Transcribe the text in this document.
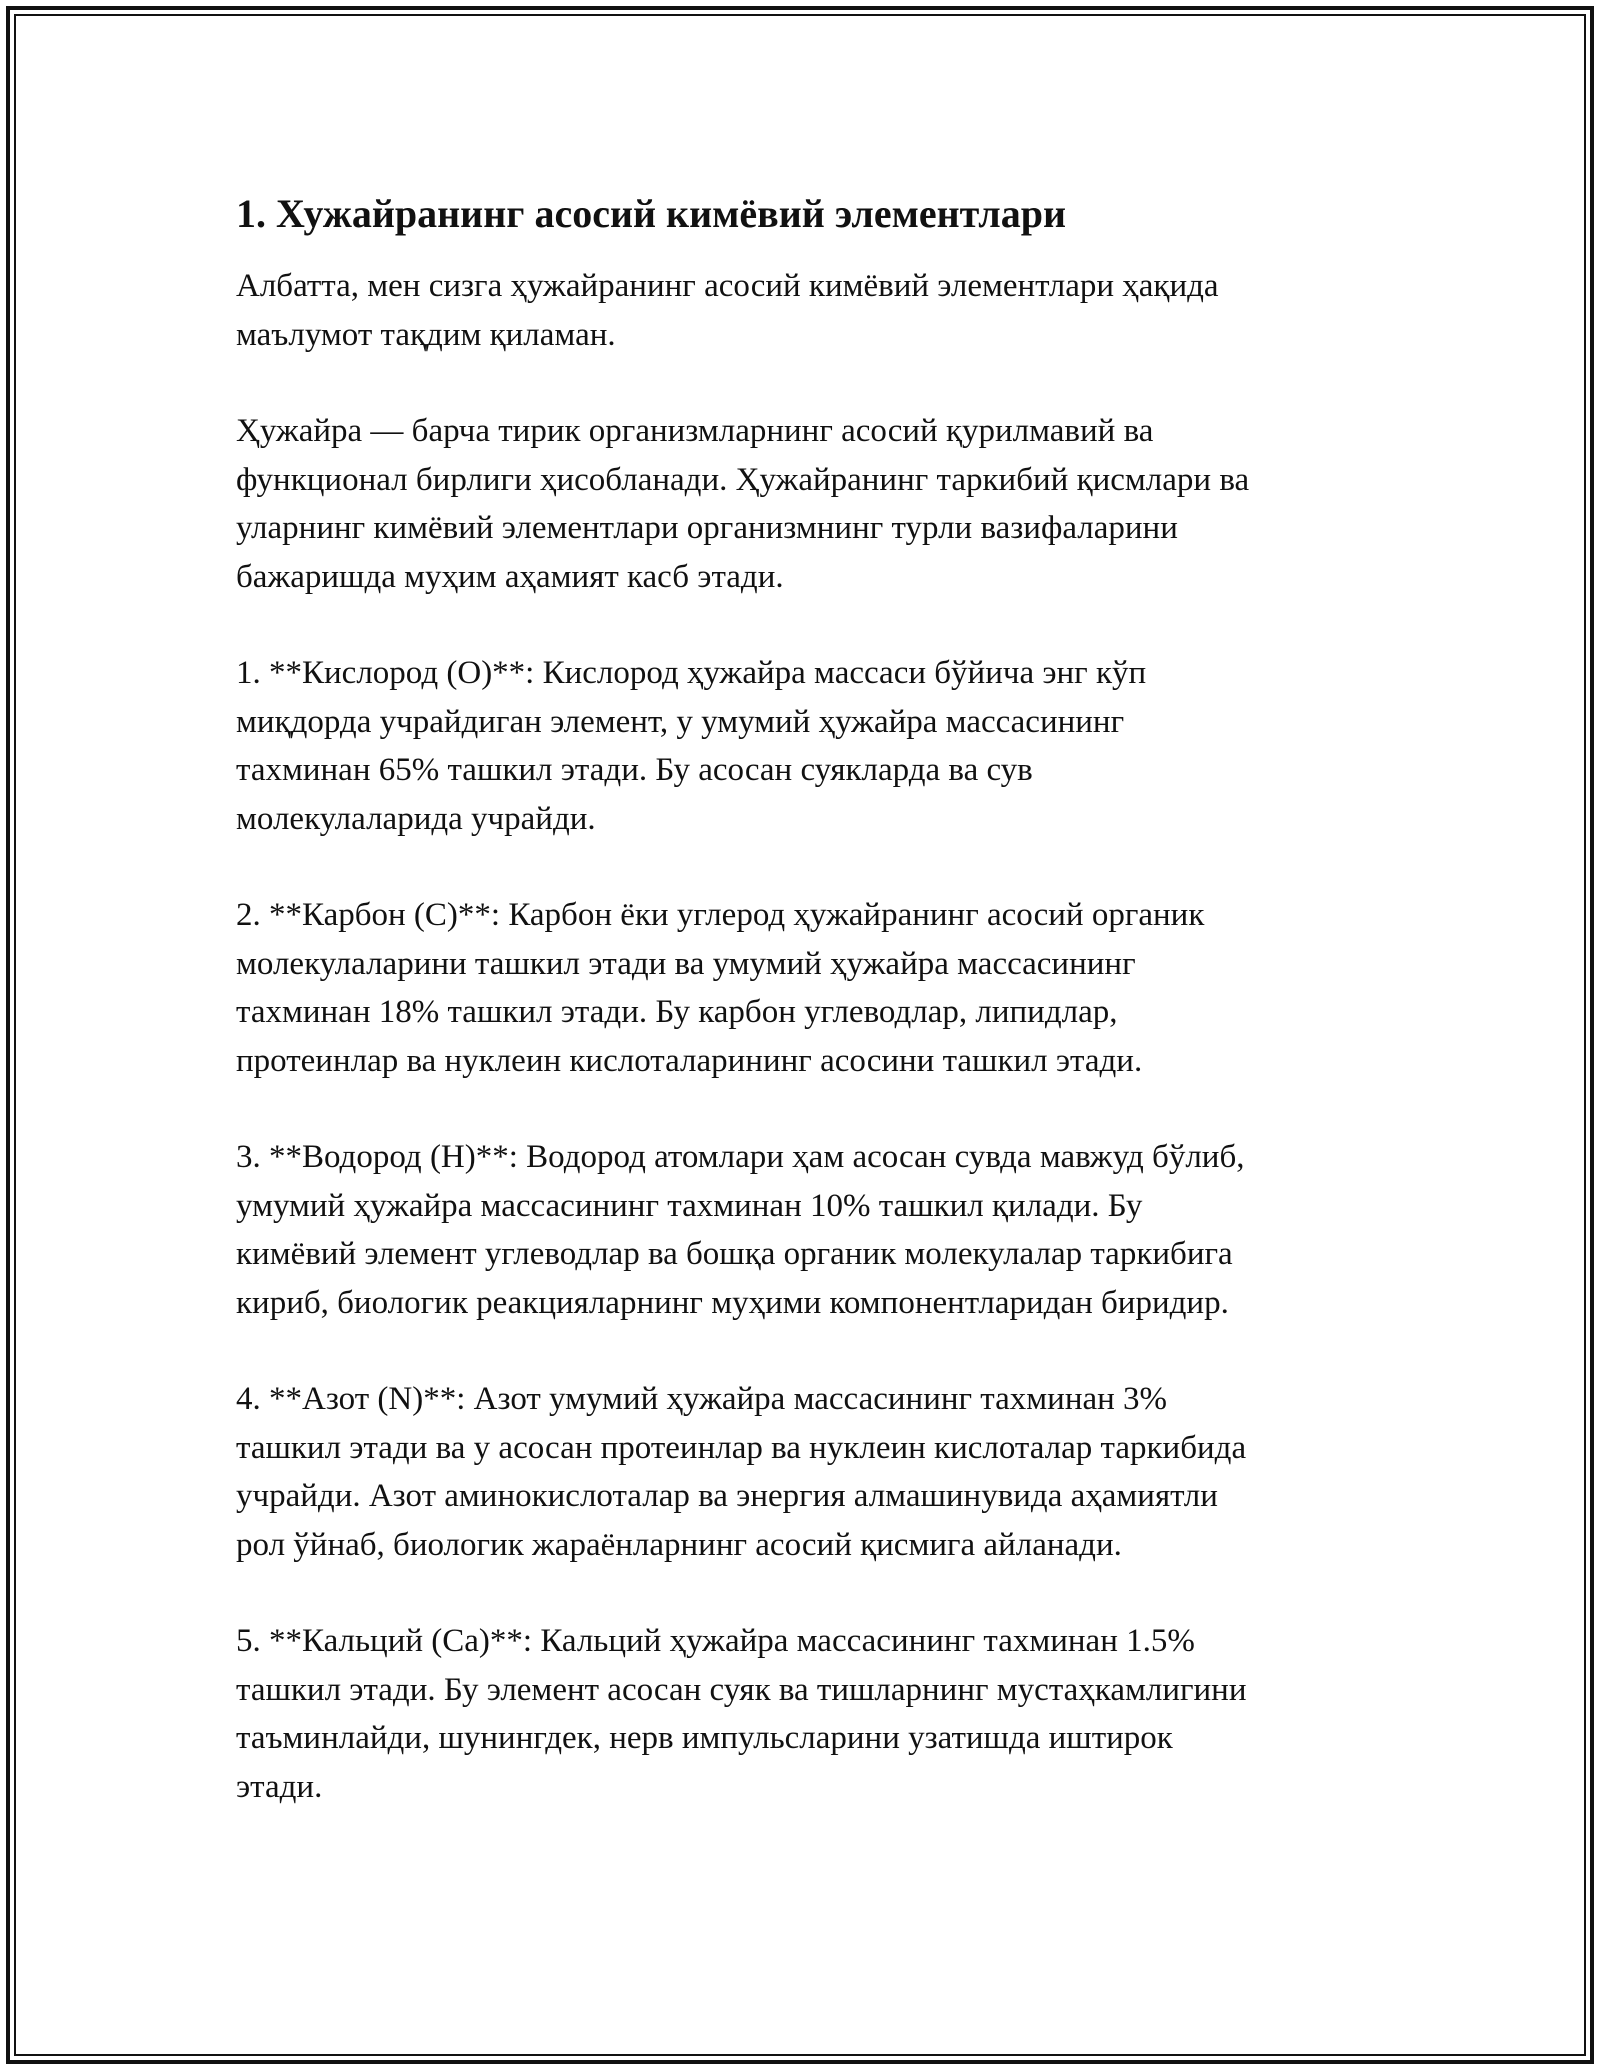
1. Хужайранинг асосий кимёвий элементлари

Албатта, мен сизга ҳужайранинг асосий кимёвий элементлари ҳақида
маълумот тақдим қиламан.

Ҳужайра — барча тирик организмларнинг асосий қурилмавий ва
функционал бирлиги ҳисобланади. Ҳужайранинг таркибий қисмлари ва
уларнинг кимёвий элементлари организмнинг турли вазифаларини
бажаришда муҳим аҳамият касб этади.

1. **Кислород (O)**: Кислород ҳужайра массаси бўйича энг кўп
миқдорда учрайдиган элемент, у умумий ҳужайра массасининг
тахминан 65% ташкил этади. Бу асосан суякларда ва сув
молекулаларида учрайди.

2. **Карбон (C)**: Карбон ёки углерод ҳужайранинг асосий органик
молекулаларини ташкил этади ва умумий ҳужайра массасининг
тахминан 18% ташкил этади. Бу карбон углеводлар, липидлар,
протеинлар ва нуклеин кислоталарининг асосини ташкил этади.

3. **Водород (H)**: Водород атомлари ҳам асосан сувда мавжуд бўлиб,
умумий ҳужайра массасининг тахминан 10% ташкил қилади. Бу
кимёвий элемент углеводлар ва бошқа органик молекулалар таркибига
кириб, биологик реакцияларнинг муҳими компонентларидан биридир.

4. **Азот (N)**: Азот умумий ҳужайра массасининг тахминан 3%
ташкил этади ва у асосан протеинлар ва нуклеин кислоталар таркибида
учрайди. Азот аминокислоталар ва энергия алмашинувида аҳамиятли
рол ўйнаб, биологик жараёнларнинг асосий қисмига айланади.

5. **Кальций (Ca)**: Кальций ҳужайра массасининг тахминан 1.5%
ташкил этади. Бу элемент асосан суяк ва тишларнинг мустаҳкамлигини
таъминлайди, шунингдек, нерв импульсларини узатишда иштирок
этади.
